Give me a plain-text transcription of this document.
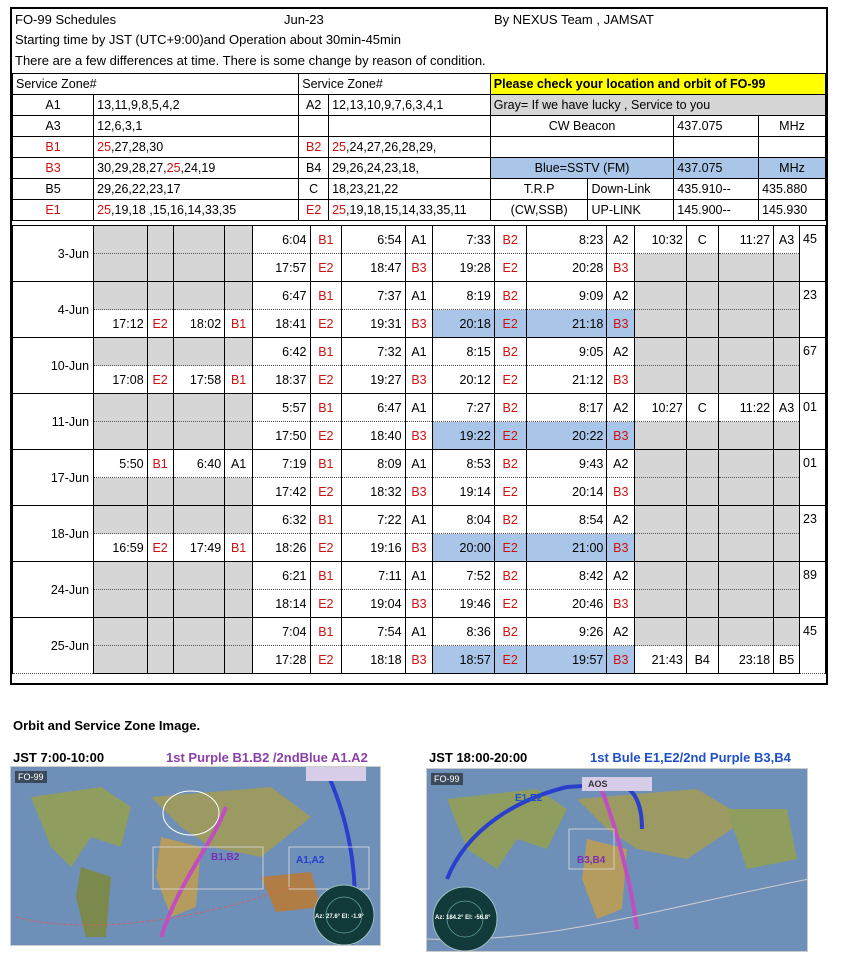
FO-99 Schedules	Jun-23	By NEXUS Team , JAMSAT
Starting time by JST (UTC+9:00)and Operation about 30min-45min
There are a few differences at time. There is some change by reason of condition.
Service Zone#		Service Zone#		Please check your location and orbit of FO-99			
A1	13,11,9,8,5,4,2	A2	12,13,10,9,7,6,3,4,1	Gray= If we have lucky , Service to you			
A3	12,6,3,1			CW Beacon		437.075	MHz
B1	25,27,28,30	B2	25,24,27,26,28,29,				
B3	30,29,28,27,25,24,19	B4	29,26,24,23,18,	Blue=SSTV (FM)		437.075	MHz
B5	29,26,22,23,17	C	18,23,21,22	T.R.P	Down-Link	435.910--	435.880
E1	25,19,18 ,15,16,14,33,35	E2	25,19,18,15,14,33,35,11	(CW,SSB)	UP-LINK	145.900--	145.930
3-Jun					6:04	B1	6:54	A1	7:33	B2	8:23	A2	10:32	C	11:27	A3	45
					17:57	E2	18:47	B3	19:28	E2	20:28	B3					
4-Jun					6:47	B1	7:37	A1	8:19	B2	9:09	A2					23
	17:12	E2	18:02	B1	18:41	E2	19:31	B3	20:18	E2	21:18	B3					
10-Jun					6:42	B1	7:32	A1	8:15	B2	9:05	A2					67
	17:08	E2	17:58	B1	18:37	E2	19:27	B3	20:12	E2	21:12	B3					
11-Jun					5:57	B1	6:47	A1	7:27	B2	8:17	A2	10:27	C	11:22	A3	01
					17:50	E2	18:40	B3	19:22	E2	20:22	B3					
17-Jun	5:50	B1	6:40	A1	7:19	B1	8:09	A1	8:53	B2	9:43	A2					01
					17:42	E2	18:32	B3	19:14	E2	20:14	B3					
18-Jun					6:32	B1	7:22	A1	8:04	B2	8:54	A2					23
	16:59	E2	17:49	B1	18:26	E2	19:16	B3	20:00	E2	21:00	B3					
24-Jun					6:21	B1	7:11	A1	7:52	B2	8:42	A2					89
					18:14	E2	19:04	B3	19:46	E2	20:46	B3					
25-Jun					7:04	B1	7:54	A1	8:36	B2	9:26	A2					45
					17:28	E2	18:18	B3	18:57	E2	19:57	B3	21:43	B4	23:18	B5	
Orbit and Service Zone Image.
JST 7:00-10:00	1st Purple B1.B2 /2ndBlue A1.A2
FO-99
B1,B2	A1,A2
Az: 27.6° El: -1.9°
JST 18:00-20:00	1st Bule E1,E2/2nd Purple B3,B4
FO-99	AOS
E1,E2
B3,B4
Az: 184.2° El: -56.8°
